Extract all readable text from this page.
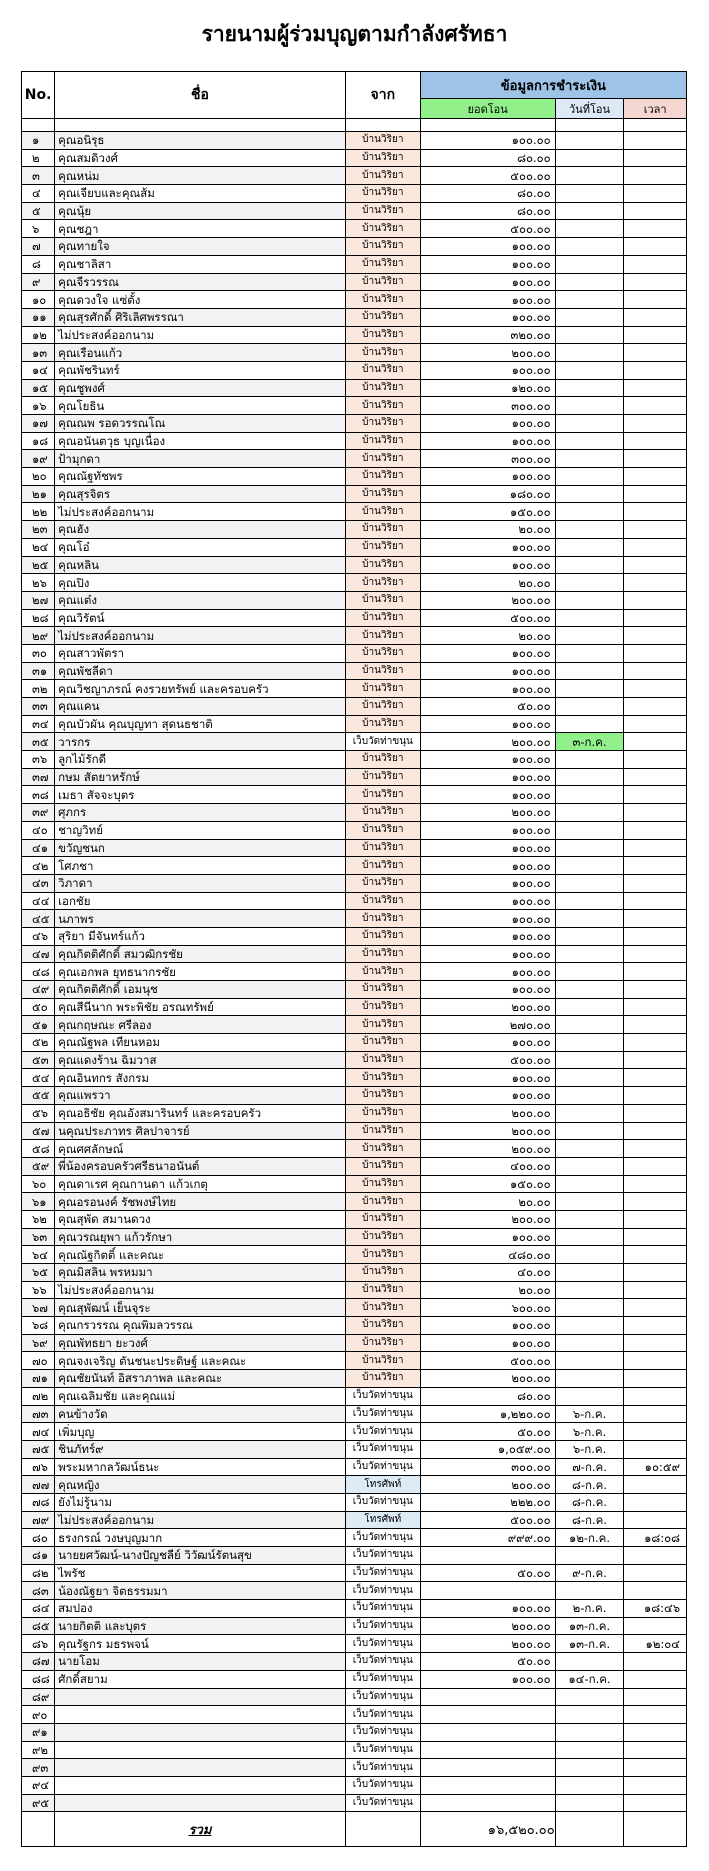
รายนามผู้ร่วมบุญตามกำลังศรัทธา
No.	ชื่อ	จาก	ข้อมูลการชำระเงิน		
			ยอดโอน	วันที่โอน	เวลา

๑	คุณอนิรุธ	บ้านวิริยา	๑๐๐.๐๐		
๒	คุณสมดิวงศ์	บ้านวิริยา	๘๐.๐๐		
๓	คุณหน่ม	บ้านวิริยา	๕๐๐.๐๐		
๔	คุณเจียบและคุณส้ม	บ้านวิริยา	๘๐.๐๐		
๕	คุณนุ้ย	บ้านวิริยา	๘๐.๐๐		
๖	คุณชฎา	บ้านวิริยา	๕๐๐.๐๐		
๗	คุณทายใจ	บ้านวิริยา	๑๐๐.๐๐		
๘	คุณชาลิสา	บ้านวิริยา	๑๐๐.๐๐		
๙	คุณจีรวรรณ	บ้านวิริยา	๑๐๐.๐๐		
๑๐	คุณดวงใจ แซ่ตั้ง	บ้านวิริยา	๑๐๐.๐๐		
๑๑	คุณสุรศักดิ์ ศิริเลิศพรรณา	บ้านวิริยา	๑๐๐.๐๐		
๑๒	ไม่ประสงค์ออกนาม	บ้านวิริยา	๓๒๐.๐๐		
๑๓	คุณเรือนแก้ว	บ้านวิริยา	๒๐๐.๐๐		
๑๔	คุณพัชรินทร์	บ้านวิริยา	๑๐๐.๐๐		
๑๕	คุณชูพงศ์	บ้านวิริยา	๑๒๐.๐๐		
๑๖	คุณโยธิน	บ้านวิริยา	๓๐๐.๐๐		
๑๗	คุณณพ รอดวรรณโณ	บ้านวิริยา	๑๐๐.๐๐		
๑๘	คุณอนันตวุธ บุญเนื่อง	บ้านวิริยา	๑๐๐.๐๐		
๑๙	ป้ามุกดา	บ้านวิริยา	๓๐๐.๐๐		
๒๐	คุณณัฐทัชพร	บ้านวิริยา	๑๐๐.๐๐		
๒๑	คุณสุรจิตร	บ้านวิริยา	๑๘๐.๐๐		
๒๒	ไม่ประสงค์ออกนาม	บ้านวิริยา	๑๕๐.๐๐		
๒๓	คุณฮัง	บ้านวิริยา	๒๐.๐๐		
๒๔	คุณโอ๋	บ้านวิริยา	๑๐๐.๐๐		
๒๕	คุณหลิน	บ้านวิริยา	๑๐๐.๐๐		
๒๖	คุณปิง	บ้านวิริยา	๒๐.๐๐		
๒๗	คุณแต๋ง	บ้านวิริยา	๒๐๐.๐๐		
๒๘	คุณวิรัตน์	บ้านวิริยา	๕๐๐.๐๐		
๒๙	ไม่ประสงค์ออกนาม	บ้านวิริยา	๒๐.๐๐		
๓๐	คุณสาวพัตรา	บ้านวิริยา	๑๐๐.๐๐		
๓๑	คุณพัชลีดา	บ้านวิริยา	๑๐๐.๐๐		
๓๒	คุณวิชญาภรณ์ คงรวยทรัพย์ และครอบครัว	บ้านวิริยา	๑๐๐.๐๐		
๓๓	คุณแคน	บ้านวิริยา	๕๐.๐๐		
๓๔	คุณบัวผัน คุณบุญทา สุดนธชาติ	บ้านวิริยา	๑๐๐.๐๐		
๓๕	วารกร	เว็บวัดท่าขนุน	๒๐๐.๐๐	๓-ก.ค.	
๓๖	ลูกไม้รักดี	บ้านวิริยา	๑๐๐.๐๐		
๓๗	กษม สัตยาหรักษ์	บ้านวิริยา	๑๐๐.๐๐		
๓๘	เมธา สัจจะบุตร	บ้านวิริยา	๑๐๐.๐๐		
๓๙	ศุภกร	บ้านวิริยา	๒๐๐.๐๐		
๔๐	ชาญวิทย์	บ้านวิริยา	๑๐๐.๐๐		
๔๑	ขวัญชนก	บ้านวิริยา	๑๐๐.๐๐		
๔๒	โศภชา	บ้านวิริยา	๑๐๐.๐๐		
๔๓	วิภาดา	บ้านวิริยา	๑๐๐.๐๐		
๔๔	เอกชัย	บ้านวิริยา	๑๐๐.๐๐		
๔๕	นภาพร	บ้านวิริยา	๑๐๐.๐๐		
๔๖	สุริยา มีจันทร์แก้ว	บ้านวิริยา	๑๐๐.๐๐		
๔๗	คุณกิตติศักดิ์ สมวฒิกรชัย	บ้านวิริยา	๑๐๐.๐๐		
๔๘	คุณเอกพล ยุทธนากรชัย	บ้านวิริยา	๑๐๐.๐๐		
๔๙	คุณกิตติศักดิ์ เอมนุช	บ้านวิริยา	๑๐๐.๐๐		
๕๐	คุณสีนีนาก พระพิชัย อรณทรัพย์	บ้านวิริยา	๒๐๐.๐๐		
๕๑	คุณกฤษณะ ศรีลอง	บ้านวิริยา	๒๗๐.๐๐		
๕๒	คุณณัฐพล เทียนหอม	บ้านวิริยา	๑๐๐.๐๐		
๕๓	คุณแดงร้าน ฉิมวาส	บ้านวิริยา	๕๐๐.๐๐		
๕๔	คุณอินทกร สังกรม	บ้านวิริยา	๑๐๐.๐๐		
๕๕	คุณแพรวา	บ้านวิริยา	๑๐๐.๐๐		
๕๖	คุณอธิชัย คุณอังสมารินทร์ และครอบครัว	บ้านวิริยา	๒๐๐.๐๐		
๕๗	นคุณประภาทร ศิลปาจารย์	บ้านวิริยา	๒๐๐.๐๐		
๕๘	คุณศศลักษณ์	บ้านวิริยา	๒๐๐.๐๐		
๕๙	พี่น้องครอบครัวศรีธนาอนันต์	บ้านวิริยา	๔๐๐.๐๐		
๖๐	คุณดาเรศ คุณกานดา แก้วเกตุ	บ้านวิริยา	๑๕๐.๐๐		
๖๑	คุณอรอนงค์ รัชพงษ์ไทย	บ้านวิริยา	๒๐.๐๐		
๖๒	คุณสุพัด สมานดวง	บ้านวิริยา	๒๐๐.๐๐		
๖๓	คุณวรณยุพา แก้วรักษา	บ้านวิริยา	๑๐๐.๐๐		
๖๔	คุณณัฐกิตติ์ และคณะ	บ้านวิริยา	๔๘๐.๐๐		
๖๕	คุณมิสลิน พรหมมา	บ้านวิริยา	๔๐.๐๐		
๖๖	ไม่ประสงค์ออกนาม	บ้านวิริยา	๒๐.๐๐		
๖๗	คุณสุพัฒน์ เย็นจุระ	บ้านวิริยา	๖๐๐.๐๐		
๖๘	คุณกรวรรณ คุณพิมลวรรณ	บ้านวิริยา	๑๐๐.๐๐		
๖๙	คุณพัทธยา ยะวงศ์	บ้านวิริยา	๑๐๐.๐๐		
๗๐	คุณจงเจริญ ตันชนะประดิษฐ์ และคณะ	บ้านวิริยา	๕๐๐.๐๐		
๗๑	คุณชัยนันท์ อิสราภาพล และคณะ	บ้านวิริยา	๒๐๐.๐๐		
๗๒	คุณเฉลิมชัย และคุณแม่	เว็บวัดท่าขนุน	๘๐.๐๐		
๗๓	คนข้างวัด	เว็บวัดท่าขนุน	๑,๒๒๐.๐๐	๖-ก.ค.	
๗๔	เพิ่มบุญ	เว็บวัดท่าขนุน	๕๐.๐๐	๖-ก.ค.	
๗๕	ชินภัทร์๙	เว็บวัดท่าขนุน	๑,๐๕๙.๐๐	๖-ก.ค.	
๗๖	พระมหากลวัฒน์ธนะ	เว็บวัดท่าขนุน	๓๐๐.๐๐	๗-ก.ค.	๑๐:๕๙
๗๗	คุณหญิง	โทรศัพท์	๒๐๐.๐๐	๘-ก.ค.	
๗๘	ยังไม่รู้นาม	เว็บวัดท่าขนุน	๒๒๒.๐๐	๘-ก.ค.	
๗๙	ไม่ประสงค์ออกนาม	โทรศัพท์	๕๐๐.๐๐	๘-ก.ค.	
๘๐	ธรงกรณ์ วงษบุญมาก	เว็บวัดท่าขนุน	๙๙๙.๐๐	๑๒-ก.ค.	๑๘:๐๘
๘๑	นายยศวัฒน์-นางปัญชลีย์ วิวัฒน์รัตนสุข	เว็บวัดท่าขนุน			
๘๒	ไพรัช	เว็บวัดท่าขนุน	๕๐.๐๐	๙-ก.ค.	
๘๓	น้องณัฐยา จิตธรรมมา	เว็บวัดท่าขนุน			
๘๔	สมปอง	เว็บวัดท่าขนุน	๑๐๐.๐๐	๒-ก.ค.	๑๘:๔๖
๘๕	นายกิตติ และบุตร	เว็บวัดท่าขนุน	๒๐๐.๐๐	๑๓-ก.ค.	
๘๖	คุณรัฐกร มธรพจน์	เว็บวัดท่าขนุน	๒๐๐.๐๐	๑๓-ก.ค.	๑๒:๐๔
๘๗	นายโอม	เว็บวัดท่าขนุน	๕๐.๐๐		
๘๘	ศักดิ์สยาม	เว็บวัดท่าขนุน	๑๐๐.๐๐	๑๔-ก.ค.	
๘๙		เว็บวัดท่าขนุน			
๙๐		เว็บวัดท่าขนุน			
๙๑		เว็บวัดท่าขนุน			
๙๒		เว็บวัดท่าขนุน			
๙๓		เว็บวัดท่าขนุน			
๙๔		เว็บวัดท่าขนุน			
๙๕		เว็บวัดท่าขนุน			
	รวม		๑๖,๕๒๐.๐๐		
